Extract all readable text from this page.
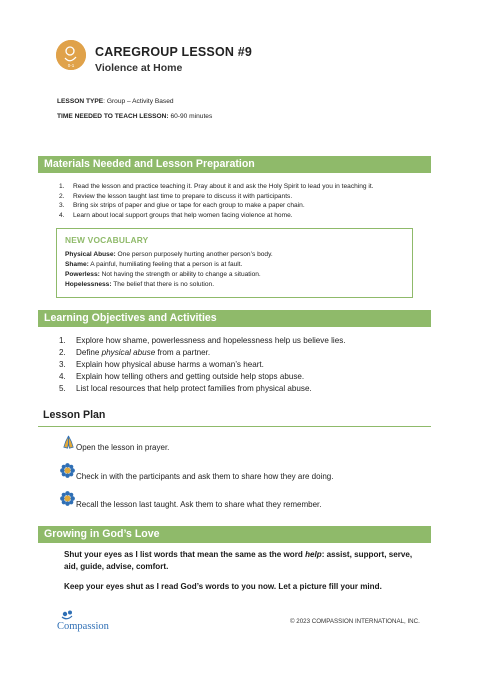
0-1
CAREGROUP LESSON #9
Violence at Home
LESSON TYPE: Group – Activity Based
TIME NEEDED TO TEACH LESSON: 60-90 minutes
Materials Needed and Lesson Preparation
1. Read the lesson and practice teaching it. Pray about it and ask the Holy Spirit to lead you in teaching it.
2. Review the lesson taught last time to prepare to discuss it with participants.
3. Bring six strips of paper and glue or tape for each group to make a paper chain.
4. Learn about local support groups that help women facing violence at home.
NEW VOCABULARY
Physical Abuse: One person purposely hurting another person’s body.
Shame: A painful, humiliating feeling that a person is at fault.
Powerless: Not having the strength or ability to change a situation.
Hopelessness: The belief that there is no solution.
Learning Objectives and Activities
1. Explore how shame, powerlessness and hopelessness help us believe lies.
2. Define physical abuse from a partner.
3. Explain how physical abuse harms a woman’s heart.
4. Explain how telling others and getting outside help stops abuse.
5. List local resources that help protect families from physical abuse.
Lesson Plan
Open the lesson in prayer.
Check in with the participants and ask them to share how they are doing.
Recall the lesson last taught. Ask them to share what they remember.
Growing in God’s Love
Shut your eyes as I list words that mean the same as the word help: assist, support, serve,
aid, guide, advise, comfort.
Keep your eyes shut as I read God’s words to you now. Let a picture fill your mind.
Compassion	© 2023 COMPASSION INTERNATIONAL, INC.
